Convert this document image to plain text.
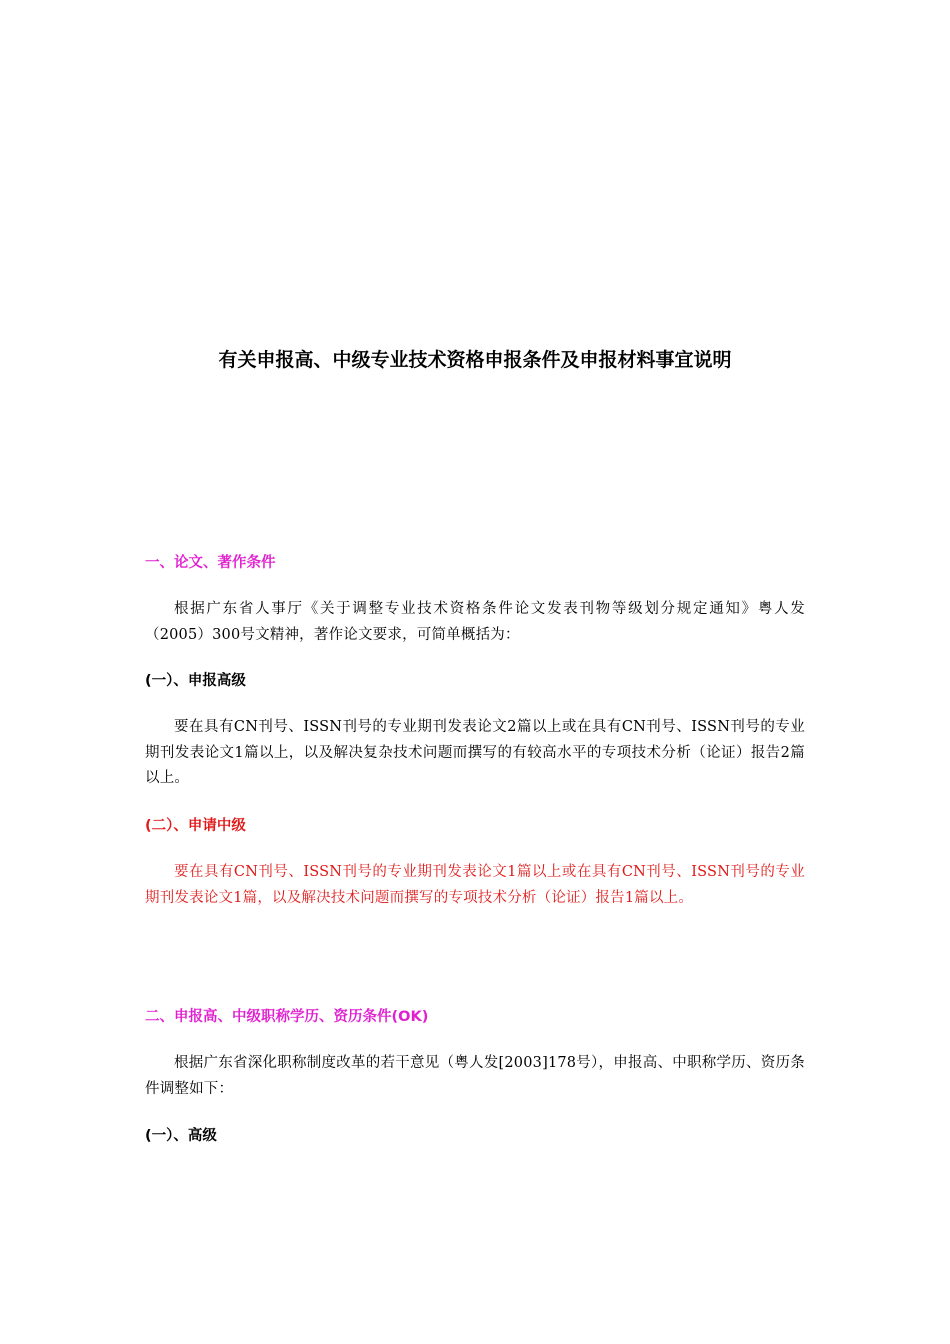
有关申报高、中级专业技术资格申报条件及申报材料事宜说明
一、论文、著作条件

根据广东省人事厅《关于调整专业技术资格条件论文发表刊物等级划分规定通知》粤人发（2005）300号文精神，著作论文要求，可简单概括为：

(一）、申报高级

要在具有CN刊号、ISSN刊号的专业期刊发表论文2篇以上或在具有CN刊号、ISSN刊号的专业期刊发表论文1篇以上，以及解决复杂技术问题而撰写的有较高水平的专项技术分析（论证）报告2篇以上。

(二）、申请中级

要在具有CN刊号、ISSN刊号的专业期刊发表论文1篇以上或在具有CN刊号、ISSN刊号的专业期刊发表论文1篇，以及解决技术问题而撰写的专项技术分析（论证）报告1篇以上。

二、申报高、中级职称学历、资历条件(OK)

根据广东省深化职称制度改革的若干意见（粤人发[2003]178号），申报高、中职称学历、资历条件调整如下：

(一）、高级
